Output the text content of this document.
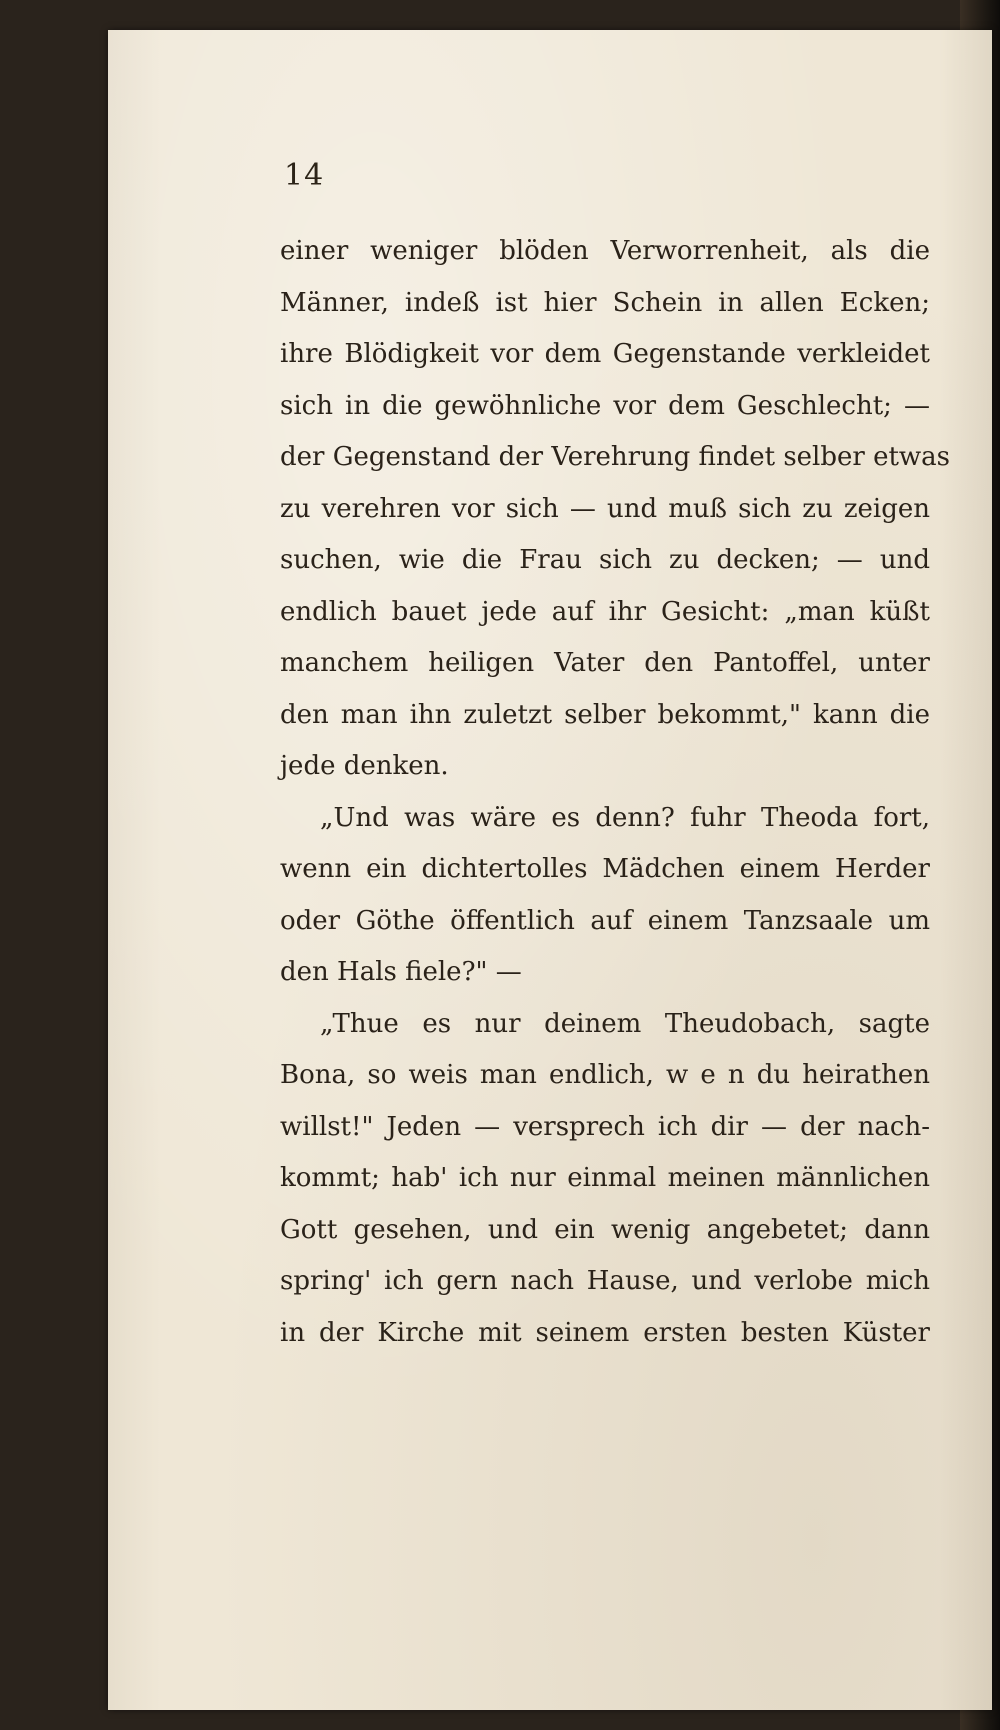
14
einer weniger blöden Verworrenheit, als die
Männer, indeß ist hier Schein in allen Ecken;
ihre Blödigkeit vor dem Gegenstande verkleidet
sich in die gewöhnliche vor dem Geschlecht; —
der Gegenstand der Verehrung findet selber etwas
zu verehren vor sich — und muß sich zu zeigen
suchen, wie die Frau sich zu decken; — und
endlich bauet jede auf ihr Gesicht: „man küßt
manchem heiligen Vater den Pantoffel, unter
den man ihn zuletzt selber bekommt," kann die
jede denken.
„Und was wäre es denn? fuhr Theoda fort,
wenn ein dichtertolles Mädchen einem Herder
oder Göthe öffentlich auf einem Tanzsaale um
den Hals fiele?" —
„Thue es nur deinem Theudobach, sagte
Bona, so weis man endlich, w e n du heirathen
willst!" Jeden — versprech ich dir — der nach-
kommt; hab' ich nur einmal meinen männlichen
Gott gesehen, und ein wenig angebetet; dann
spring' ich gern nach Hause, und verlobe mich
in der Kirche mit seinem ersten besten Küster
